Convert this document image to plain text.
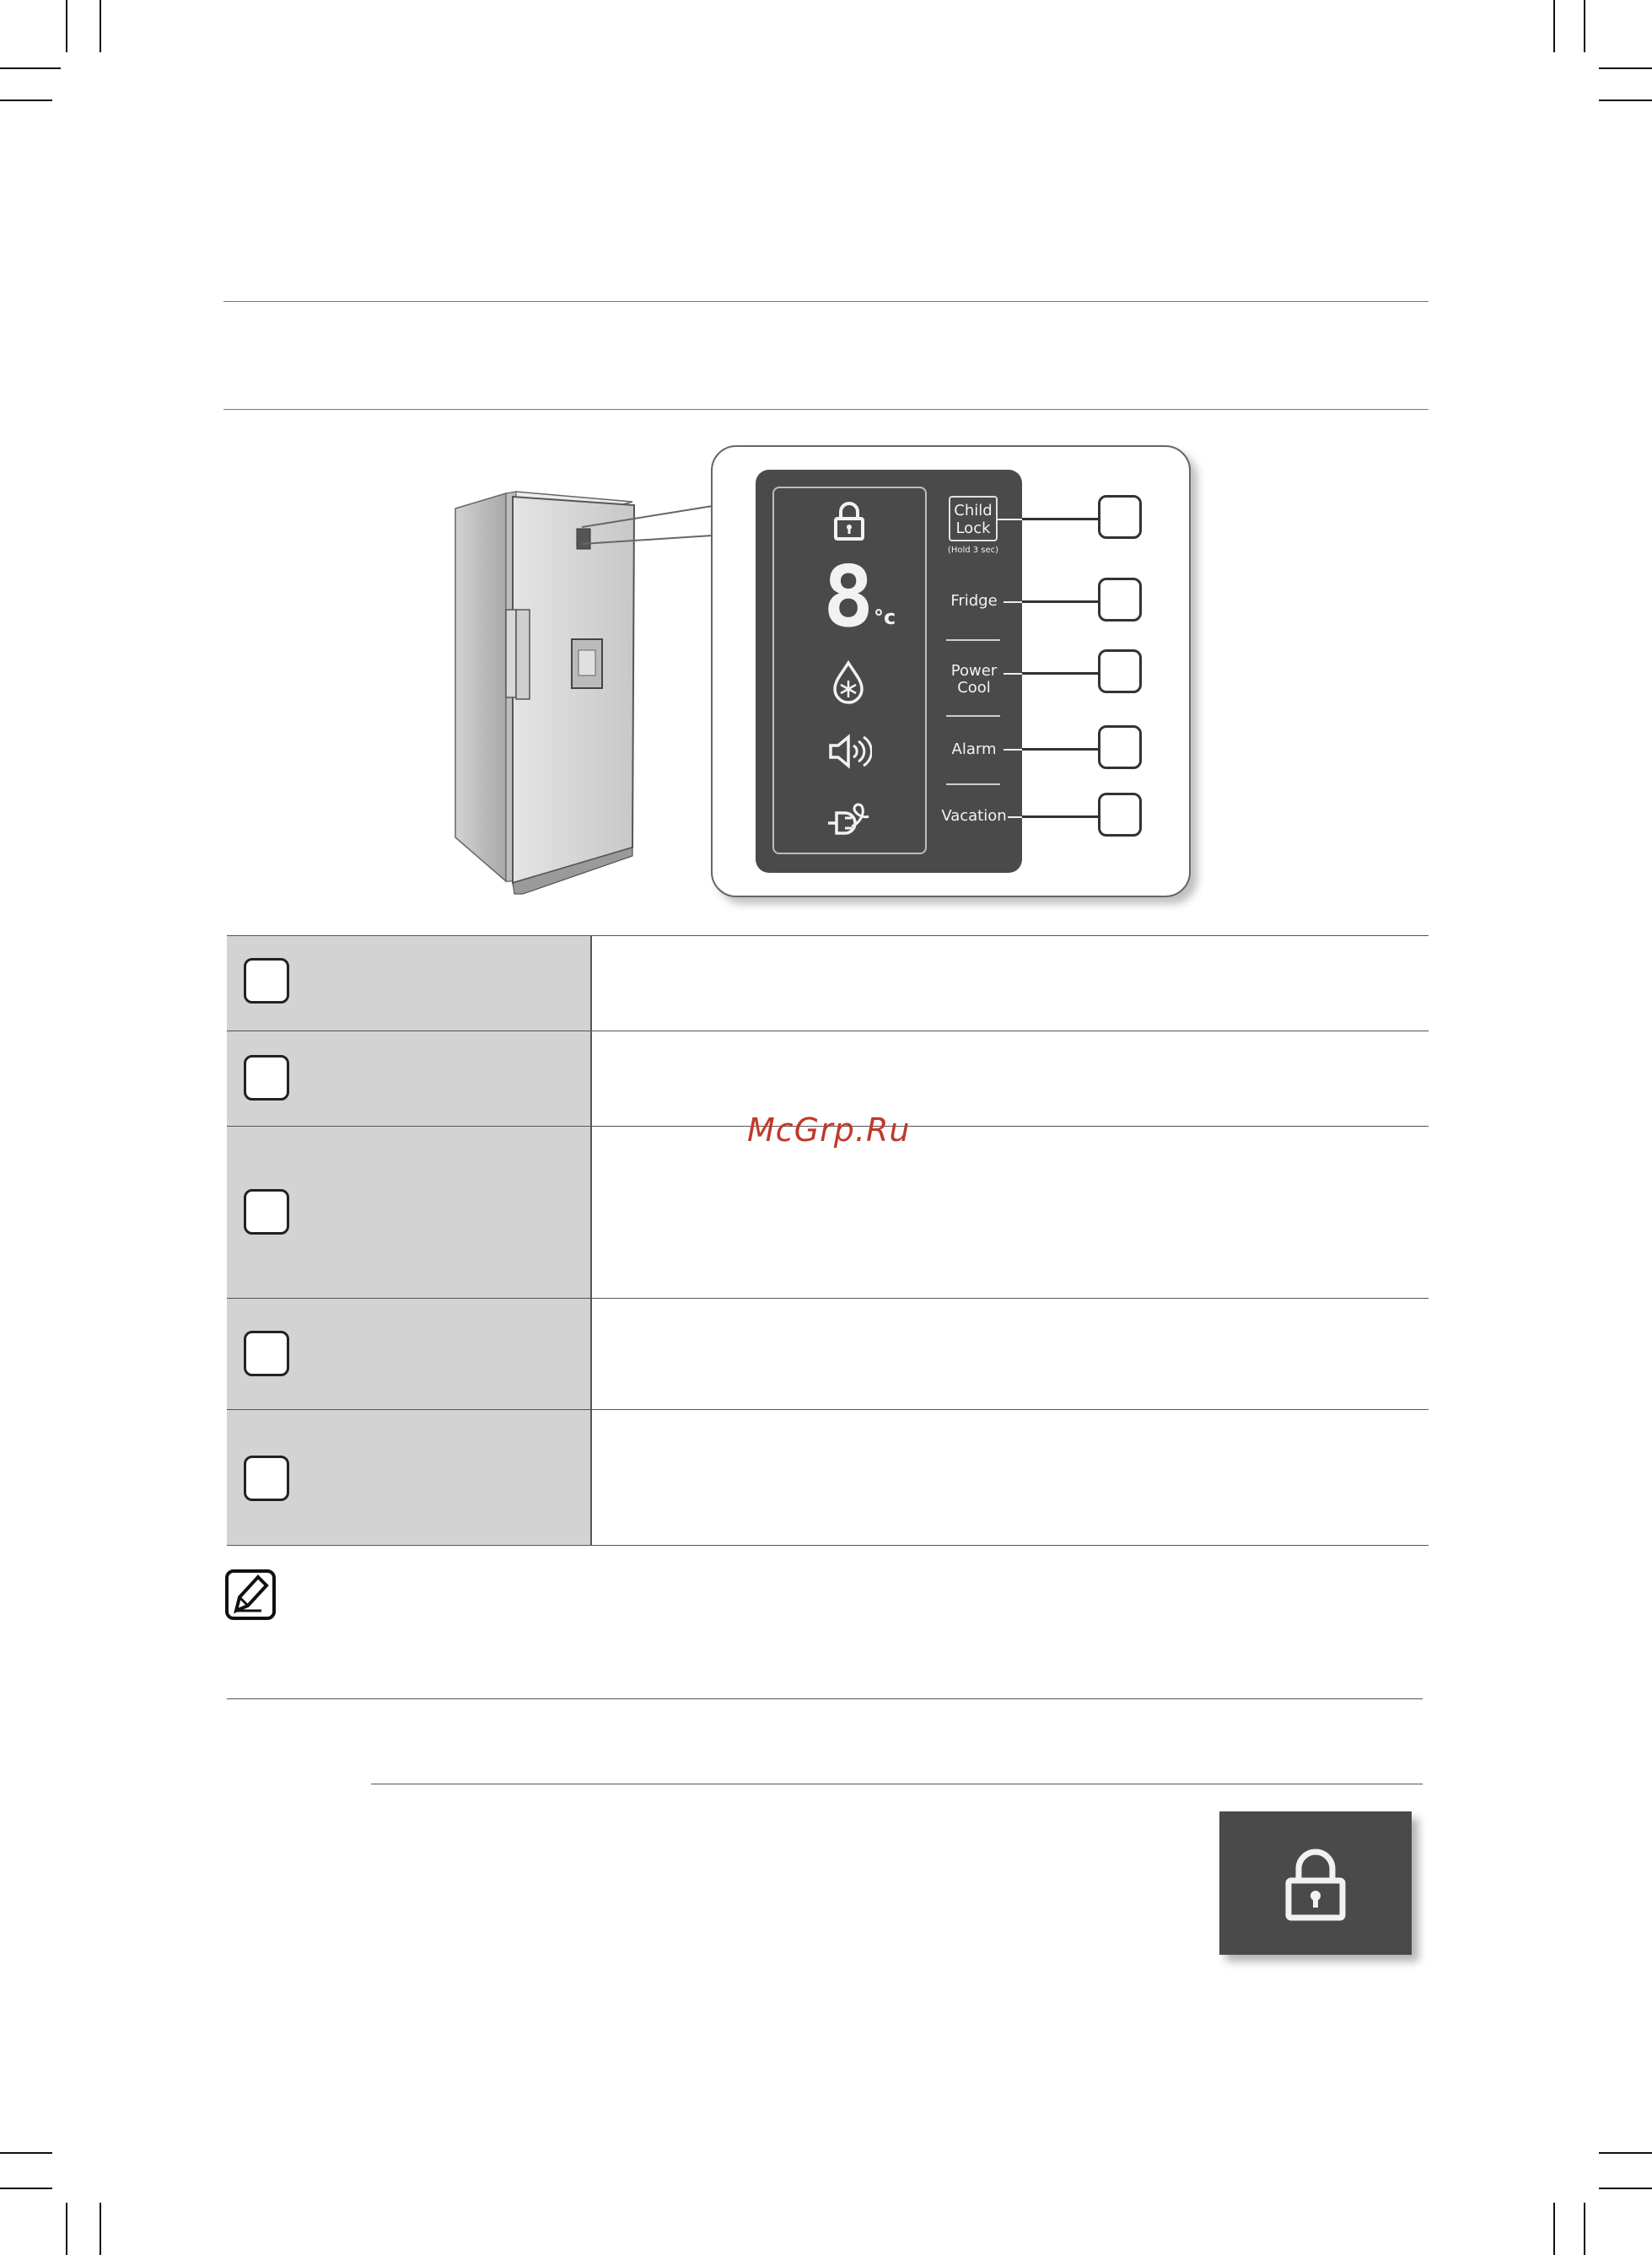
8 °c
Child
Lock
(Hold 3 sec)
Fridge
Power
Cool
Alarm
Vacation
McGrp.Ru
